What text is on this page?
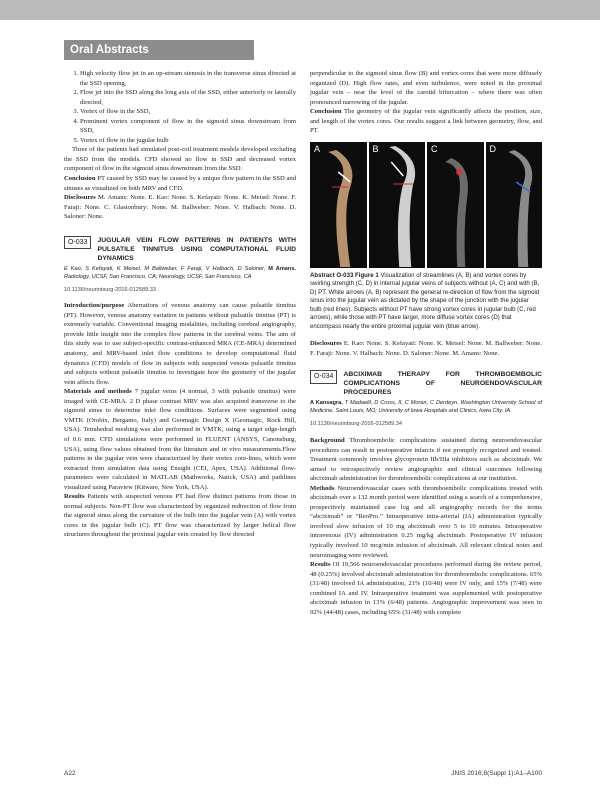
Oral Abstracts
1. High velocity flow jet in an up-stream stenosis in the transverse sinus directed at the SSD opening,
2. Flow jet into the SSD along the long axis of the SSD, either anteriorly or laterally directed,
3. Vortex of flow in the SSD,
4. Prominent vortex component of flow in the sigmoid sinus downstream from SSD,
5. Vortex of flow in the jugular bulb

Three of the patients had simulated post-coil treatment models developed excluding the SSD from the models. CFD showed no flow in SSD and decreased vortex component of flow in the sigmoid sinus downstream from the SSD.

Conclusion PT caused by SSD may be caused by a unique flow pattern in the SSD and sinuses as visualized on both MRV and CFD.

Disclosures M. Amans: None. E. Kao: None. S. Kefayati: None. K. Meisel: None. F. Faraji: None. C. Glastonbury: None. M. Ballweber: None. V. Halbach: None. D. Saloner: None.

O-033	JUGULAR VEIN FLOW PATTERNS IN PATIENTS WITH PULSATILE TINNITUS USING COMPUTATIONAL FLUID DYNAMICS
E Kao, S Kefayati, K Meisel, M Ballweber, F Faraji, V Halbach, D Saloner, M Amans. Radiology, UCSF, San Francisco, CA; Neurology, UCSF, San Francisco, CA
10.1136/neurintsurg-2016-012589.33

Introduction/purpose Aberrations of venous anatomy can cause pulsatile tinnitus (PT). However, venous anatomy variation in patients without pulsatile tinnitus (PT) is extremely variable. Conventional imaging modalities, including cerebral angiography, provide little insight into the complex flow patterns in the cerebral veins. The aim of this study was to use subject-specific contrast-enhanced MRA (CE-MRA) determined anatomy, and MRV-based inlet flow conditions to develop computational fluid dynamics (CFD) models of flow in subjects with suspected venous pulsatile tinnitus and subjects without pulsatile tinnitus to investigate how the geometry of the jugular vein affects flow.

Materials and methods 7 jugular veins (4 normal, 3 with pulsatile tinnitus) were imaged with CE-MRA. 2 D phase contrast MRV was also acquired transverse to the sigmoid sinus to determine inlet flow conditions. Surfaces were segmented using VMTK (Orobix, Bergamo, Italy) and Geomagic Design X (Geomagic, Rock Hill, USA). Tetrahedral meshing was also performed in VMTK, using a target edge-length of 0.6 mm. CFD simulations were performed in FLUENT (ANSYS, Canonsburg, USA), using flow values obtained from the literature and in vivo measurements.Flow patterns in the jugular vein were characterized by their vortex core-lines, which were extracted from simulation data using Ensight (CEI, Apex, USA). Additional flow-parameters were calculated in MATLAB (Mathworks, Natick, USA) and pathlines visualized using Paraview (Kitware, New York, USA).

Results Patients with suspected venous PT had flow distinct patterns from those in normal subjects. Non-PT flow was characterized by organized redirection of flow from the sigmoid sinus along the curvature of the bulb into the jugular vein (A) with vortex cores in the jugular bulb (C). PT flow was characterized by larger helical flow structures throughout the proximal jugular vein created by flow directed

perpendicular to the sigmoid sinus flow (B) and vortex cores that were more diffusely organized (D). High flow rates, and even turbulence, were noted in the proximal jugular vein – near the level of the carotid bifurcation – where there was often pronounced narrowing of the jugular.

Conclusion The geometry of the jugular vein significantly affects the position, size, and length of the vortex cores. Our results suggest a link between geometry, flow, and PT.

A	B	C	D
Abstract O-033 Figure 1 Visualization of streamlines (A, B) and vortex cores by swirling strength (C, D) in internal jugular veins of subjects without (A, C) and with (B, D) PT. White arrows (A, B) represent the general re-direction of flow from the sigmoid sinus into the jugular vein as dictated by the shape of the junction with the jugular bulb (red lines). Subjects without PT have strong vortex cores in jugular bulb (C, red arrows), while those with PT have larger, more diffuse vortex cores (D) that encompass nearly the entire proximal jugular vein (blue arrow).

Disclosures E. Kao: None. S. Kefayati: None. K. Meisel: None. M. Ballweber: None. F. Faraji: None. V. Halbach: None. D. Saloner: None. M. Amans: None.

O-034	ABCIXIMAB THERAPY FOR THROMBOEMBOLIC COMPLICATIONS OF NEUROENDOVASCULAR PROCEDURES
A Kansagra, T Madaelil, D Cross, II, C Moran, C Derdeyn. Washington University School of Medicine, Saint Louis, MO; University of Iowa Hospitals and Clinics, Iowa City, IA
10.1136/neurintsurg-2016-012589.34

Background Thromboembolic complications sustained during neuroendovascular procedures can result in postoperative infarcts if not promptly recognized and treated. Treatment commonly involves glycoprotein IIb/IIIa inhibitors such as abciximab. We aimed to retrospectively review angiographic and clinical outcomes following abciximab administration for thromboembolic complications at our institution.

Methods Neuroendovascular cases with thromboembolic complications treated with abciximab over a 132 month period were identified using a search of a comprehensive, prospectively maintained case log and all angiography records for the terms “abciximab” or “ReoPro.” Intraoperative intra-arterial (IA) administration typically involved slow infusion of 10 mg abciximab over 5 to 10 minutes. Intraoperative intravenous (IV) administration 0.25 mg/kg abciximab. Postoperative IV infusion typically involved 10 mcg/min infusion of abciximab. All relevant clinical notes and neuroimaging were reviewed.

Results Of 19,566 neuroendovascular procedures performed during the review period, 48 (0.25%) involved abciximab administration for thromboembolic complications. 65% (31/48) involved IA administration, 21% (10/48) were IV only, and 15% (7/48) were combined IA and IV. Intraoperative treatment was supplemented with postoperative abciximab infusion in 13% (6/48) patients. Angiographic improvement was seen in 92% (44/48) cases, including 65% (31/48) with complete

A22	JNIS 2016;8(Suppl 1):A1–A100
